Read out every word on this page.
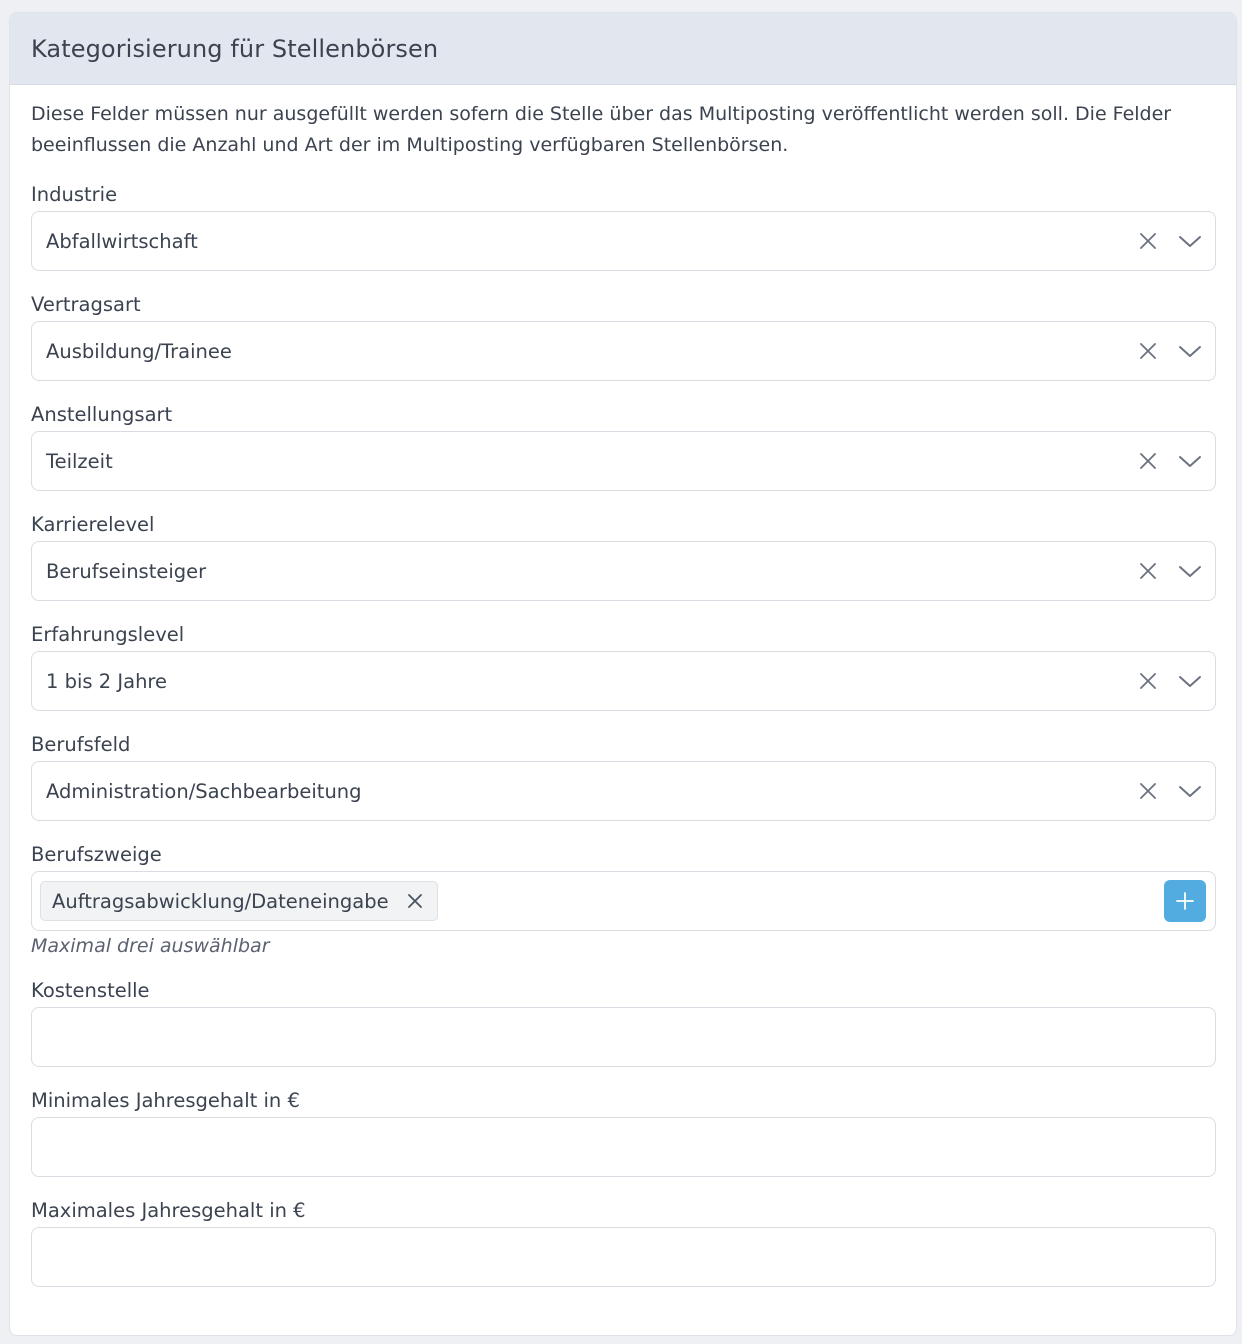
Kategorisierung für Stellenbörsen

Diese Felder müssen nur ausgefüllt werden sofern die Stelle über das Multiposting veröffentlicht werden soll. Die Felder beeinflussen die Anzahl und Art der im Multiposting verfügbaren Stellenbörsen.

Industrie
Abfallwirtschaft
Vertragsart
Ausbildung/Trainee
Anstellungsart
Teilzeit
Karrierelevel
Berufseinsteiger
Erfahrungslevel
1 bis 2 Jahre
Berufsfeld
Administration/Sachbearbeitung
Berufszweige
Auftragsabwicklung/Dateneingabe
Maximal drei auswählbar
Kostenstelle
Minimales Jahresgehalt in €
Maximales Jahresgehalt in €
